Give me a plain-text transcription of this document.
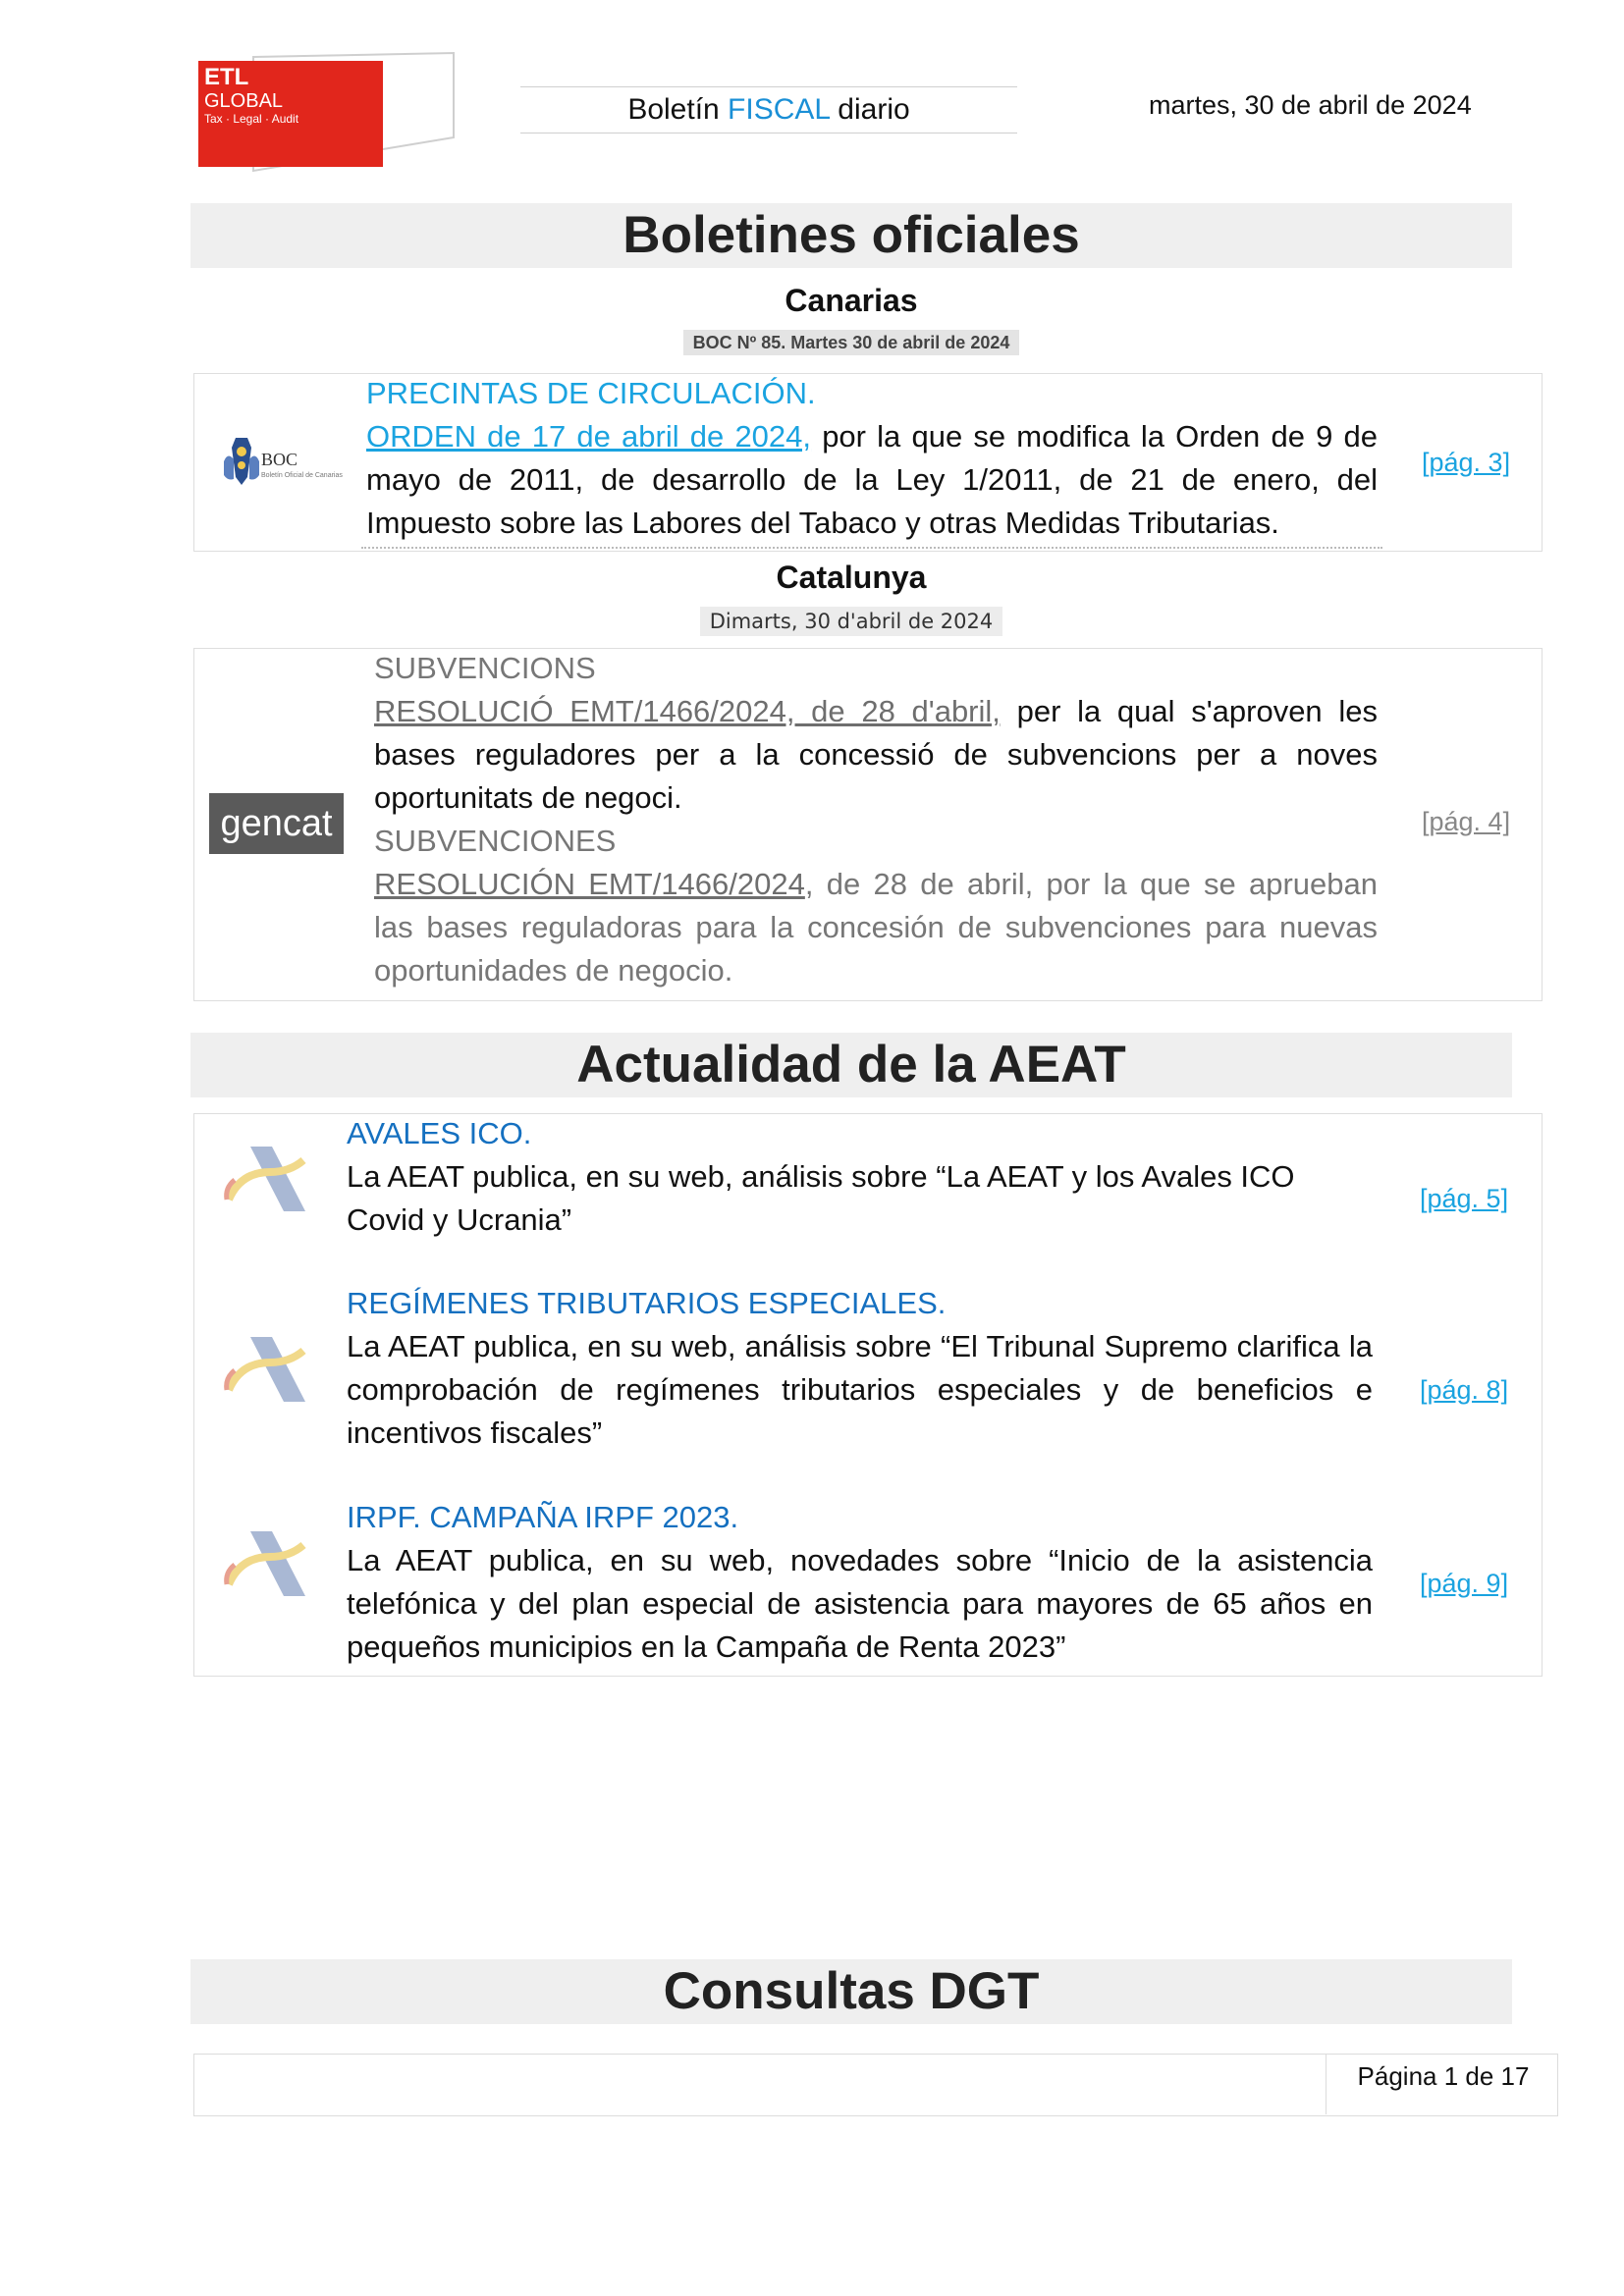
ETL
GLOBAL
Tax · Legal · Audit	Boletín FISCAL diario	martes, 30 de abril de 2024
Boletines oficiales
Canarias
BOC Nº 85. Martes 30 de abril de 2024
BOC
Boletín Oficial de Canarias
PRECINTAS DE CIRCULACIÓN.
ORDEN de 17 de abril de 2024, por la que se modifica la Orden de 9 de mayo de 2011, de desarrollo de la Ley 1/2011, de 21 de enero, del Impuesto sobre las Labores del Tabaco y otras Medidas Tributarias.
[pág. 3]
Catalunya
Dimarts, 30 d'abril de 2024
gencat
SUBVENCIONS
RESOLUCIÓ EMT/1466/2024, de 28 d'abril, per la qual s'aproven les bases reguladores per a la concessió de subvencions per a noves oportunitats de negoci.
SUBVENCIONES
RESOLUCIÓN EMT/1466/2024, de 28 de abril, por la que se aprueban las bases reguladoras para la concesión de subvenciones para nuevas oportunidades de negocio.
[pág. 4]
Actualidad de la AEAT
AVALES ICO.
La AEAT publica, en su web, análisis sobre “La AEAT y los Avales ICO Covid y Ucrania”
[pág. 5]
REGÍMENES TRIBUTARIOS ESPECIALES.
La AEAT publica, en su web, análisis sobre “El Tribunal Supremo clarifica la comprobación de regímenes tributarios especiales y de beneficios e incentivos fiscales”
[pág. 8]
IRPF. CAMPAÑA IRPF 2023.
La AEAT publica, en su web, novedades sobre “Inicio de la asistencia telefónica y del plan especial de asistencia para mayores de 65 años en pequeños municipios en la Campaña de Renta 2023”
[pág. 9]
Consultas DGT
Página 1 de 17
